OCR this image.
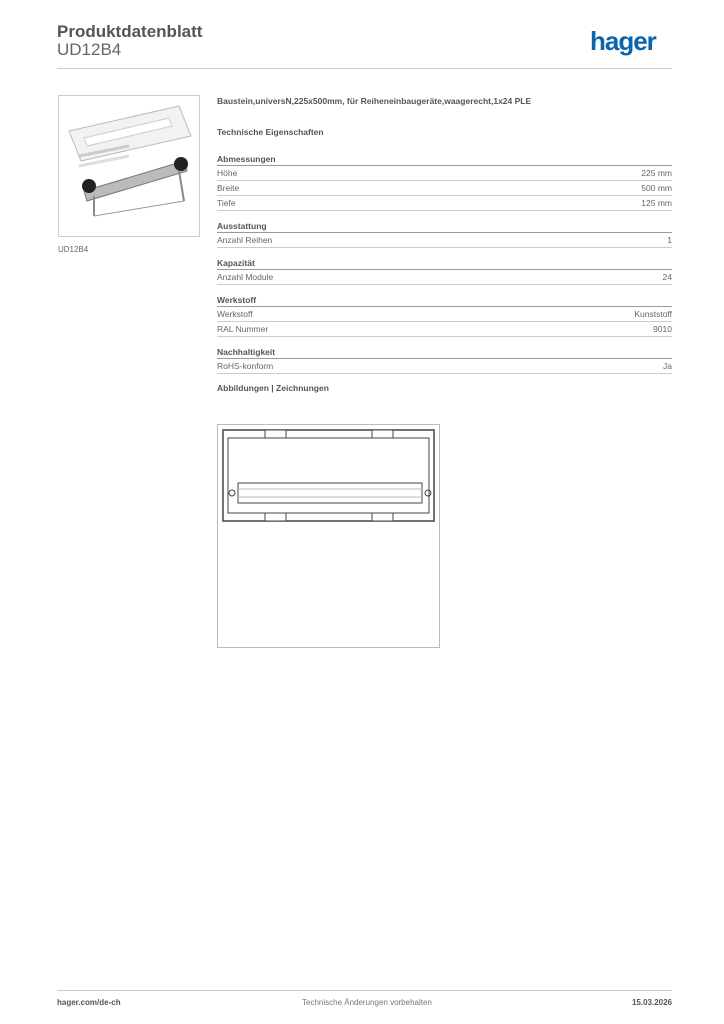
Produktdatenblatt
UD12B4	hager
UD12B4
Baustein,universN,225x500mm, für Reiheneinbaugeräte,waagerecht,1x24 PLE
Technische Eigenschaften
Abmessungen
Höhe	225 mm
Breite	500 mm
Tiefe	125 mm
Ausstattung
Anzahl Reihen	1
Kapazität
Anzahl Module	24
Werkstoff
Werkstoff	Kunststoff
RAL Nummer	9010
Nachhaltigkeit
RoHS-konform	Ja
Abbildungen | Zeichnungen
hager.com/de-ch	Technische Änderungen vorbehalten	15.03.2026
